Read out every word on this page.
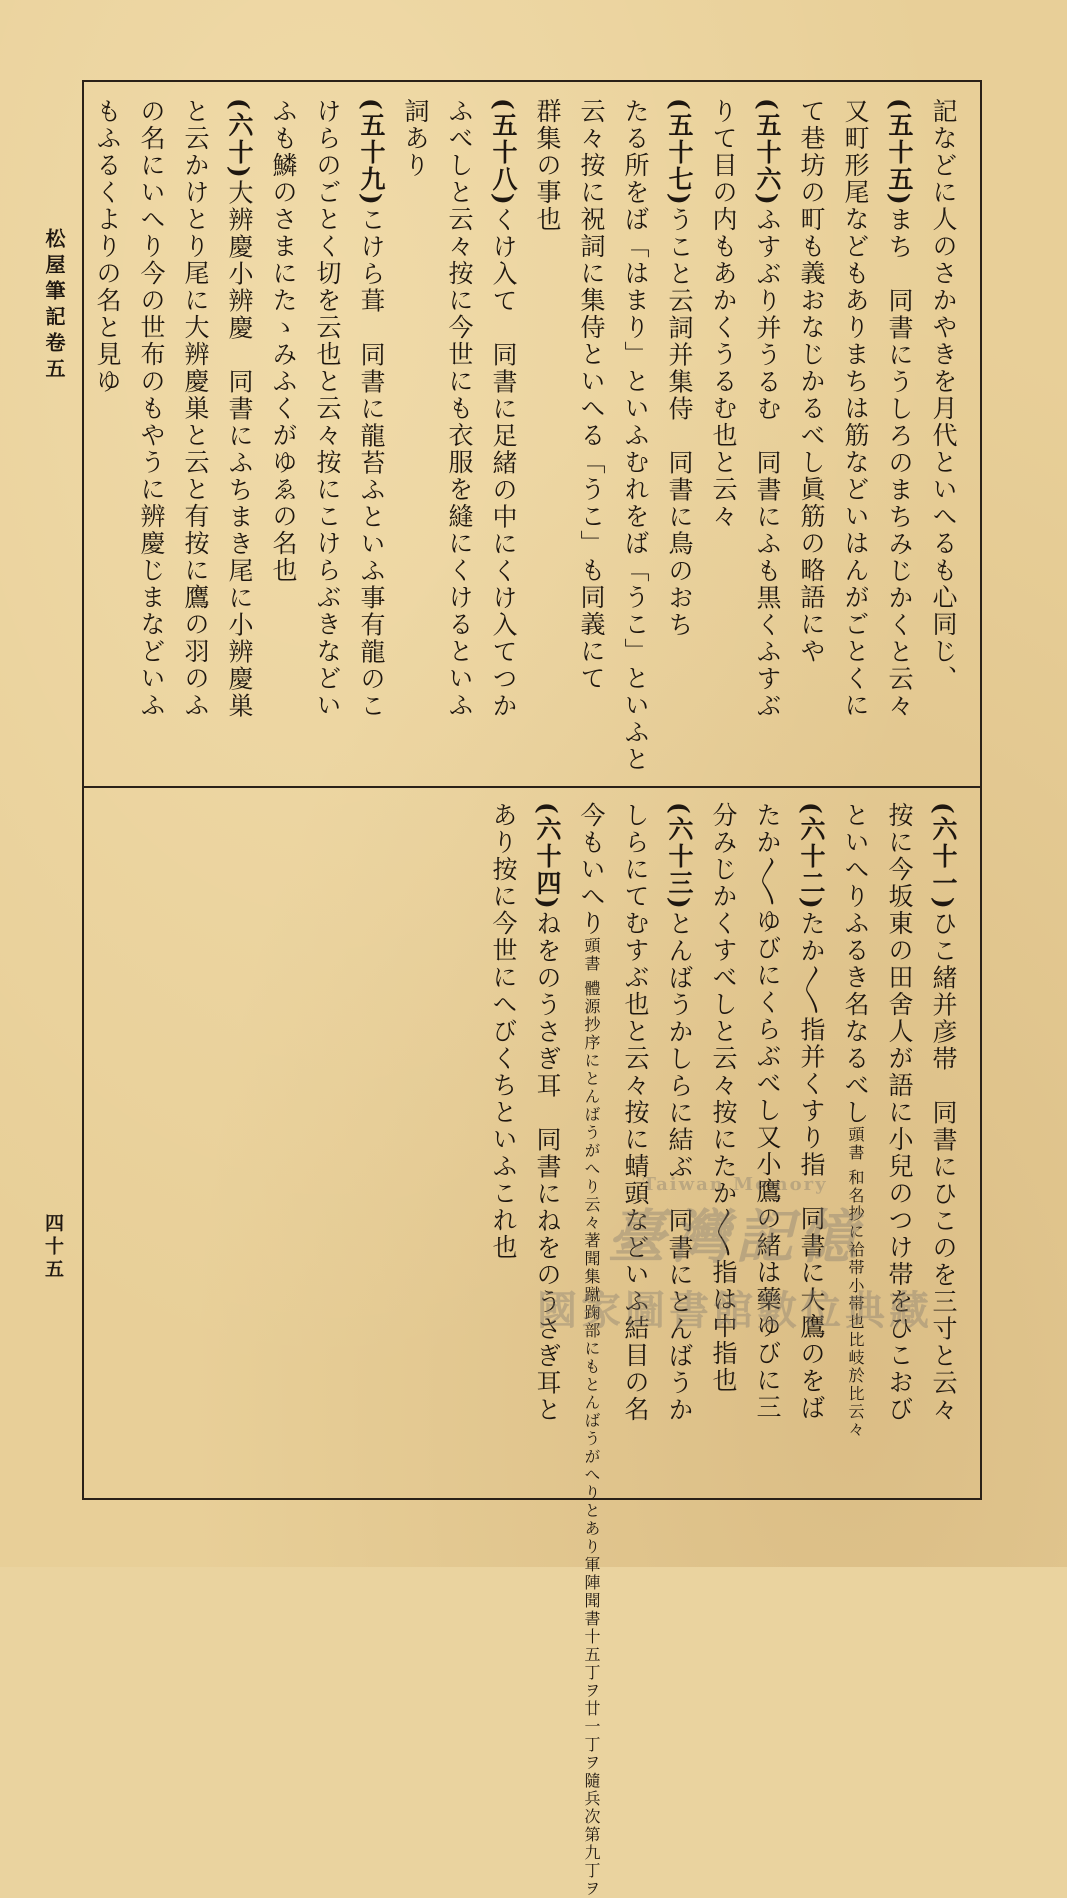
松屋筆記卷五
四十五
記などに人のさかやきを月代といへるも心同じ、
(五十五)まち　同書にうしろのまちみじかくと云々
又町形尾などもありまちは筋などいはんがごとくに
て巷坊の町も義おなじかるべし眞筋の略語にや
(五十六)ふすぶり并うるむ　同書にふも黒くふすぶ
りて目の内もあかくうるむ也と云々
(五十七)うこと云詞并集侍　同書に鳥のおち
たる所をば「はまり」といふむれをば「うこ」といふと
云々按に祝詞に集侍といへる「うこ」も同義にて
群集の事也
(五十八)くけ入て　同書に足緒の中にくけ入てつか
ふべしと云々按に今世にも衣服を縫にくけるといふ
詞あり
(五十九)こけら葺　同書に龍苔ふといふ事有龍のこ
けらのごとく切を云也と云々按にこけらぶきなどい
ふも鱗のさまにたゝみふくがゆゑの名也
(六十)大辨慶小辨慶　同書にふちまき尾に小辨慶巣
と云かけとり尾に大辨慶巣と云と有按に鷹の羽のふ
の名にいへり今の世布のもやうに辨慶じまなどいふ
もふるくよりの名と見ゆ
(六十一)ひこ緒并彦帯　同書にひこのを三寸と云々
按に今坂東の田舍人が語に小兒のつけ帯をひこおび
といへりふるき名なるべし頭書 和名抄に袷帯小帯也比岐於比云々
(六十二)たか〳〵指并くすり指　同書に大鷹のをば
たか〳〵ゆびにくらぶべし又小鷹の緒は藥ゆびに三
分みじかくすべしと云々按にたか〳〵指は中指也
(六十三)とんばうかしらに結ぶ　同書にとんばうか
しらにてむすぶ也と云々按に蜻頭などいふ結目の名
今もいへり頭書 體源抄序にとんばうがへり云々著聞集蹴踘部にもとんばうがへりとあり軍陣聞書十五丁ヲ廿一丁ヲ隨兵次第九丁ヲ
(六十四)ねをのうさぎ耳　同書にねをのうさぎ耳と
あり按に今世にへびくちといふこれ也	臺灣記憶
Taiwan Memory
國家圖書館數位典藏
